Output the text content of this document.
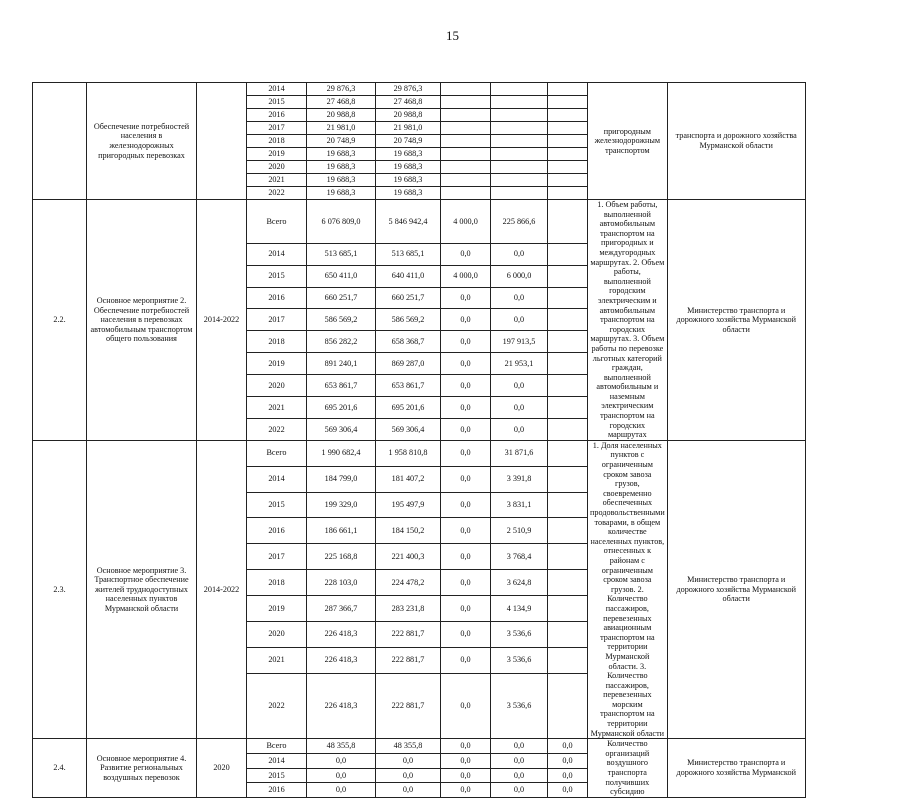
15
	Обеспечение потребностей населения в железнодорожных пригородных перевозках		2014	29 876,3	29 876,3				пригородным железнодорожным транспортом	транспорта и дорожного хозяйства Мурманской области
			2015	27 468,8	27 468,8					
			2016	20 988,8	20 988,8					
			2017	21 981,0	21 981,0					
			2018	20 748,9	20 748,9					
			2019	19 688,3	19 688,3					
			2020	19 688,3	19 688,3					
			2021	19 688,3	19 688,3					
			2022	19 688,3	19 688,3					
2.2.	Основное мероприятие 2. Обеспечение потребностей населения в перевозках автомобильным транспортом общего пользования	2014-2022	Всего	6 076 809,0	5 846 942,4	4 000,0	225 866,6		1. Объем работы, выполненной автомобильным транспортом на пригородных и междугородных маршрутах. 2. Объем работы, выполненной городским электрическим и автомобильным транспортом на городских маршрутах. 3. Объем работы по перевозке льготных категорий граждан, выполненной автомобильным и наземным электрическим транспортом на городских маршрутах	Министерство транспорта и дорожного хозяйства Мурманской области
			2014	513 685,1	513 685,1	0,0	0,0			
			2015	650 411,0	640 411,0	4 000,0	6 000,0			
			2016	660 251,7	660 251,7	0,0	0,0			
			2017	586 569,2	586 569,2	0,0	0,0			
			2018	856 282,2	658 368,7	0,0	197 913,5			
			2019	891 240,1	869 287,0	0,0	21 953,1			
			2020	653 861,7	653 861,7	0,0	0,0			
			2021	695 201,6	695 201,6	0,0	0,0			
			2022	569 306,4	569 306,4	0,0	0,0			
2.3.	Основное мероприятие 3. Транспортное обеспечение жителей труднодоступных населенных пунктов Мурманской области	2014-2022	Всего	1 990 682,4	1 958 810,8	0,0	31 871,6		1. Доля населенных пунктов с ограниченным сроком завоза грузов, своевременно обеспеченных продовольственными товарами, в общем количестве населенных пунктов, отнесенных к районам с ограниченным сроком завоза грузов. 2. Количество пассажиров, перевезенных авиационным транспортом на территории Мурманской области. 3. Количество пассажиров, перевезенных морским транспортом на территории Мурманской области	Министерство транспорта и дорожного хозяйства Мурманской области
			2014	184 799,0	181 407,2	0,0	3 391,8			
			2015	199 329,0	195 497,9	0,0	3 831,1			
			2016	186 661,1	184 150,2	0,0	2 510,9			
			2017	225 168,8	221 400,3	0,0	3 768,4			
			2018	228 103,0	224 478,2	0,0	3 624,8			
			2019	287 366,7	283 231,8	0,0	4 134,9			
			2020	226 418,3	222 881,7	0,0	3 536,6			
			2021	226 418,3	222 881,7	0,0	3 536,6			
			2022	226 418,3	222 881,7	0,0	3 536,6			
2.4.	Основное мероприятие 4. Развитие региональных воздушных перевозок	2020	Всего	48 355,8	48 355,8	0,0	0,0	0,0	Количество организаций воздушного транспорта получивших субсидию	Министерство транспорта и дорожного хозяйства Мурманской
			2014	0,0	0,0	0,0	0,0	0,0		
			2015	0,0	0,0	0,0	0,0	0,0		
			2016	0,0	0,0	0,0	0,0	0,0		
